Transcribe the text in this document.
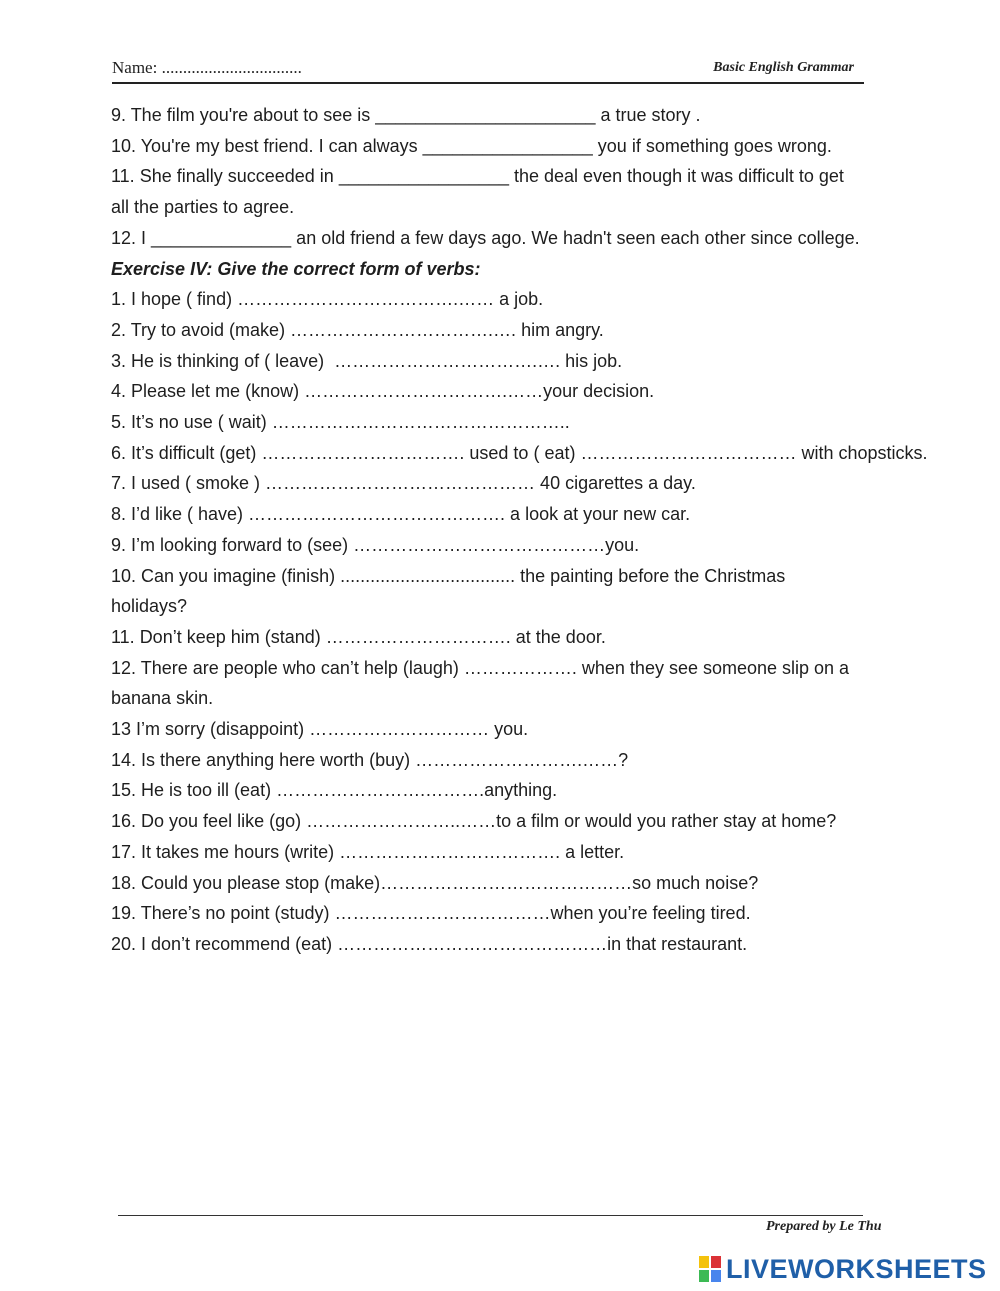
Name: .................................	Basic English Grammar
9. The film you're about to see is ______________________ a true story .
10. You're my best friend. I can always _________________ you if something goes wrong.
11. She finally succeeded in _________________ the deal even though it was difficult to get
all the parties to agree.
12. I ______________ an old friend a few days ago. We hadn't seen each other since college.
Exercise IV: Give the correct form of verbs:
1. I hope ( find) ……………………………….…… a job.
2. Try to avoid (make) …………………………….…. him angry.
3. He is thinking of ( leave)  …………………………….…. his job.
4. Please let me (know) …………………………….……your decision.
5. It’s no use ( wait) …………………………………………..
6. It’s difficult (get) ……………………………. used to ( eat) ……………………………… with chopsticks.
7. I used ( smoke ) ……………………………………… 40 cigarettes a day.
8. I’d like ( have) ……………………………………. a look at your new car.
9. I’m looking forward to (see) ……………………………………you.
10. Can you imagine (finish) ................................... the painting before the Christmas
holidays?
11. Don’t keep him (stand) …………………………. at the door.
12. There are people who can’t help (laugh) ………………. when they see someone slip on a
banana skin.
13 I’m sorry (disappoint) ………………………… you.
14. Is there anything here worth (buy) ……………………….……?
15. He is too ill (eat) …………………….……….anything.
16. Do you feel like (go) ……………………..……to a film or would you rather stay at home?
17. It takes me hours (write) ………………………………. a letter.
18. Could you please stop (make)……………………………………so much noise?
19. There’s no point (study) ………………………………when you’re feeling tired.
20. I don’t recommend (eat) ………………………………………in that restaurant.
Prepared by Le Thu
LIVEWORKSHEETS
